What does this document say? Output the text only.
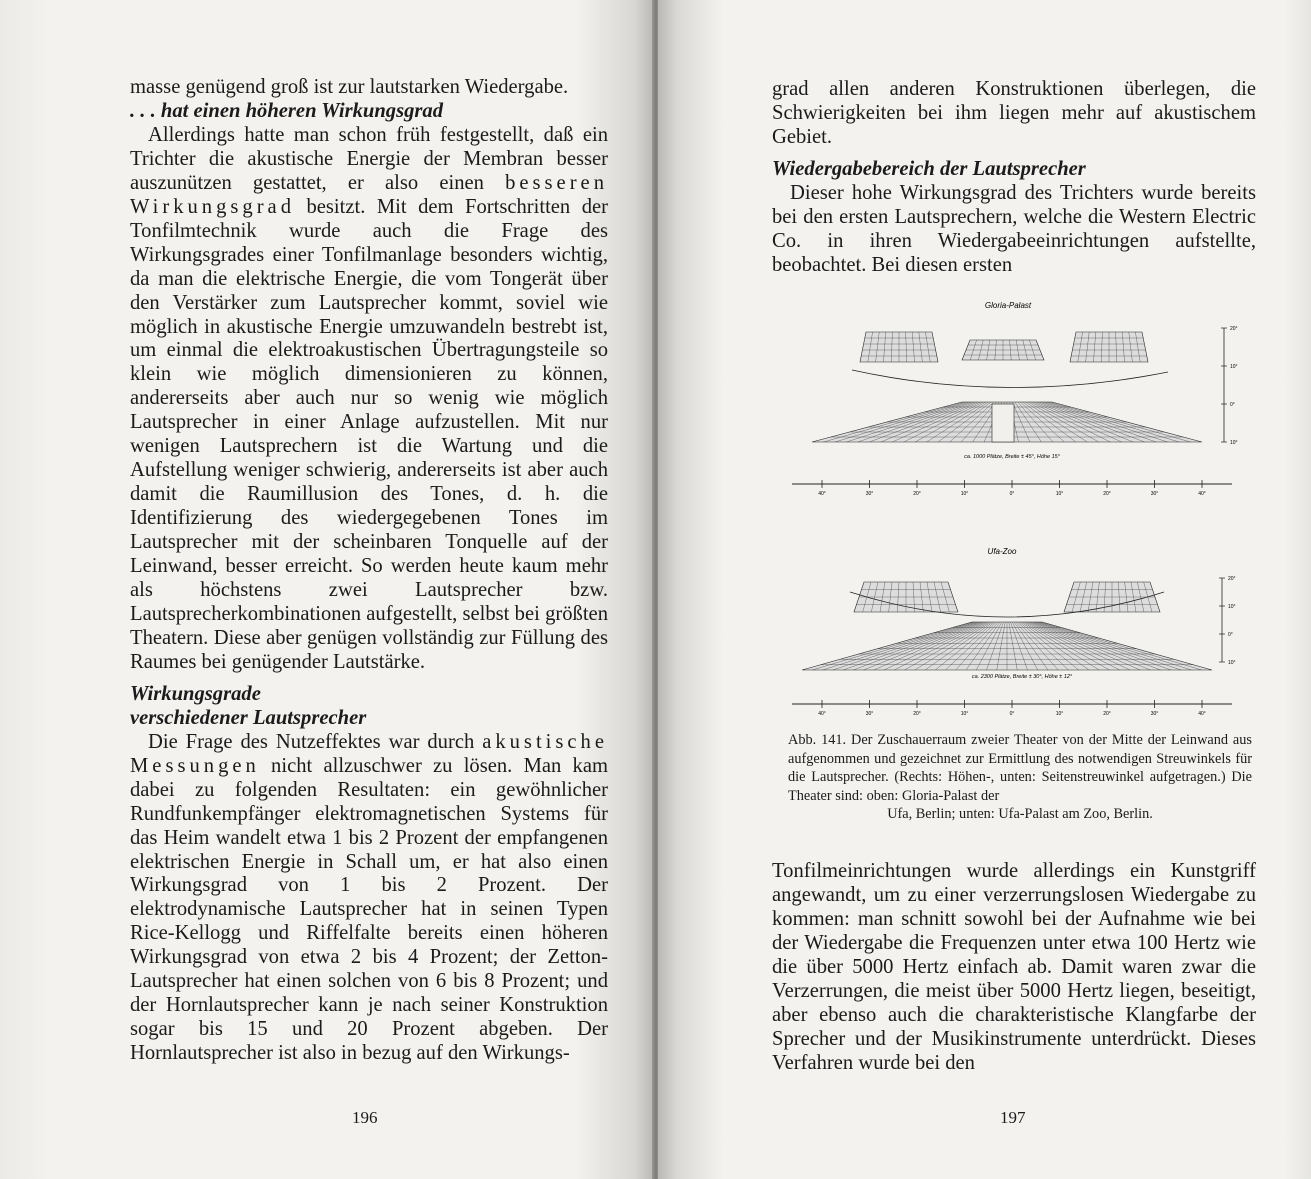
masse genügend groß ist zur lautstarken Wiedergabe.

. . . hat einen höheren Wirkungsgrad

Allerdings hatte man schon früh festgestellt, daß ein Trichter die akustische Energie der Membran besser auszunützen gestattet, er also einen besseren Wirkungsgrad besitzt. Mit dem Fortschritten der Tonfilmtechnik wurde auch die Frage des Wirkungsgrades einer Tonfilmanlage besonders wichtig, da man die elektrische Energie, die vom Tongerät über den Verstärker zum Lautsprecher kommt, soviel wie möglich in akustische Energie umzuwandeln bestrebt ist, um einmal die elektroakustischen Übertragungsteile so klein wie möglich dimensionieren zu können, andererseits aber auch nur so wenig wie möglich Lautsprecher in einer Anlage aufzustellen. Mit nur wenigen Lautsprechern ist die Wartung und die Aufstellung weniger schwierig, andererseits ist aber auch damit die Raumillusion des Tones, d. h. die Identifizierung des wiedergegebenen Tones im Lautsprecher mit der scheinbaren Tonquelle auf der Leinwand, besser erreicht. So werden heute kaum mehr als höchstens zwei Lautsprecher bzw. Lautsprecherkombinationen aufgestellt, selbst bei größten Theatern. Diese aber genügen vollständig zur Füllung des Raumes bei genügender Lautstärke.

Wirkungsgrade

verschiedener Lautsprecher

Die Frage des Nutzeffektes war durch akustische Messungen nicht allzuschwer zu lösen. Man kam dabei zu folgenden Resultaten: ein gewöhnlicher Rundfunkempfänger elektromagnetischen Systems für das Heim wandelt etwa 1 bis 2 Prozent der empfangenen elektrischen Energie in Schall um, er hat also einen Wirkungsgrad von 1 bis 2 Prozent. Der elektrodynamische Lautsprecher hat in seinen Typen Rice-Kellogg und Riffelfalte bereits einen höheren Wirkungsgrad von etwa 2 bis 4 Prozent; der Zetton-Lautsprecher hat einen solchen von 6 bis 8 Prozent; und der Hornlautsprecher kann je nach seiner Konstruktion sogar bis 15 und 20 Prozent abgeben. Der Hornlautsprecher ist also in bezug auf den Wirkungs-

196

grad allen anderen Konstruktionen überlegen, die Schwierigkeiten bei ihm liegen mehr auf akustischem Gebiet.

Wiedergabebereich der Lautsprecher

Dieser hohe Wirkungsgrad des Trichters wurde bereits bei den ersten Lautsprechern, welche die Western Electric Co. in ihren Wiedergabeeinrichtungen aufstellte, beobachtet. Bei diesen ersten

Gloria-Palast
ca. 1000 Plätze, Breite ± 45°, Höhe 15°
40°	30°	20°	10°	0°	10°	20°	30°	40°
20°
10°
0°
10°
Ufa-Zoo
ca. 2300 Plätze, Breite ± 30°, Höhe ± 12°
40°	30°	20°	10°	0°	10°	20°	30°	40°
20°
10°
0°
10°

Abb. 141. Der Zuschauerraum zweier Theater von der Mitte der Leinwand aus aufgenommen und gezeichnet zur Ermittlung des notwendigen Streuwinkels für die Lautsprecher. (Rechts: Höhen-, unten: Seitenstreuwinkel aufgetragen.) Die Theater sind: oben: Gloria-Palast der

Ufa, Berlin; unten: Ufa-Palast am Zoo, Berlin.

Tonfilmeinrichtungen wurde allerdings ein Kunstgriff angewandt, um zu einer verzerrungslosen Wiedergabe zu kommen: man schnitt sowohl bei der Aufnahme wie bei der Wiedergabe die Frequenzen unter etwa 100 Hertz wie die über 5000 Hertz einfach ab. Damit waren zwar die Verzerrungen, die meist über 5000 Hertz liegen, beseitigt, aber ebenso auch die charakteristische Klangfarbe der Sprecher und der Musikinstrumente unterdrückt. Dieses Verfahren wurde bei den
197
